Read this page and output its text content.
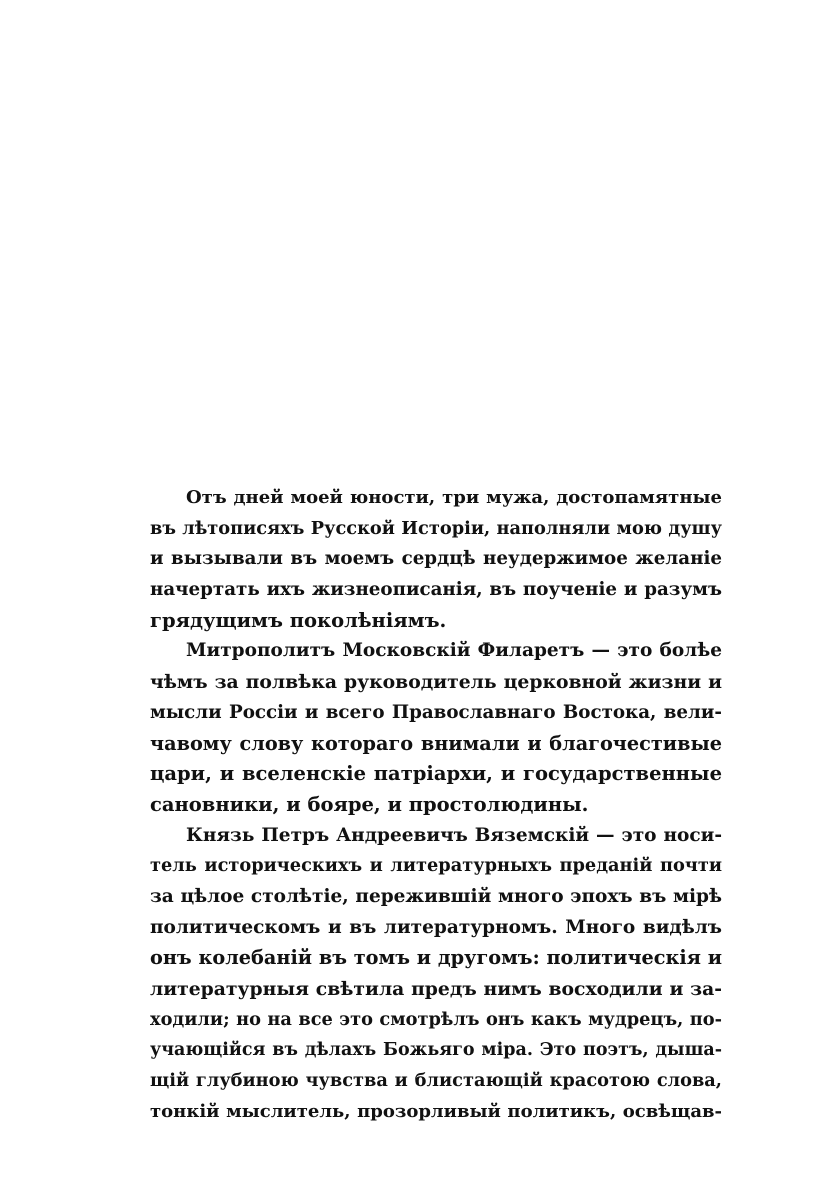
Отъ дней моей юности, три мужа, достопамятные
въ лѣтописяхъ Русской Исторіи, наполняли мою душу
и вызывали въ моемъ сердцѣ неудержимое желаніе
начертать ихъ жизнеописанія, въ поученіе и разумъ
грядущимъ поколѣніямъ.
Митрополитъ Московскій Филаретъ — это болѣе
чѣмъ за полвѣка руководитель церковной жизни и
мысли Россіи и всего Православнаго Востока, вели-
чавому слову котораго внимали и благочестивые
цари, и вселенскіе патріархи, и государственные
сановники, и бояре, и простолюдины.
Князь Петръ Андреевичъ Вяземскій — это носи-
тель историческихъ и литературныхъ преданій почти
за цѣлое столѣтіе, пережившій много эпохъ въ мірѣ
политическомъ и въ литературномъ. Много видѣлъ
онъ колебаній въ томъ и другомъ: политическія и
литературныя свѣтила предъ нимъ восходили и за-
ходили; но на все это смотрѣлъ онъ какъ мудрецъ, по-
учающійся въ дѣлахъ Божьяго міра. Это поэтъ, дыша-
щій глубиною чувства и блистающій красотою слова,
тонкій мыслитель, прозорливый политикъ, освѣщав-
